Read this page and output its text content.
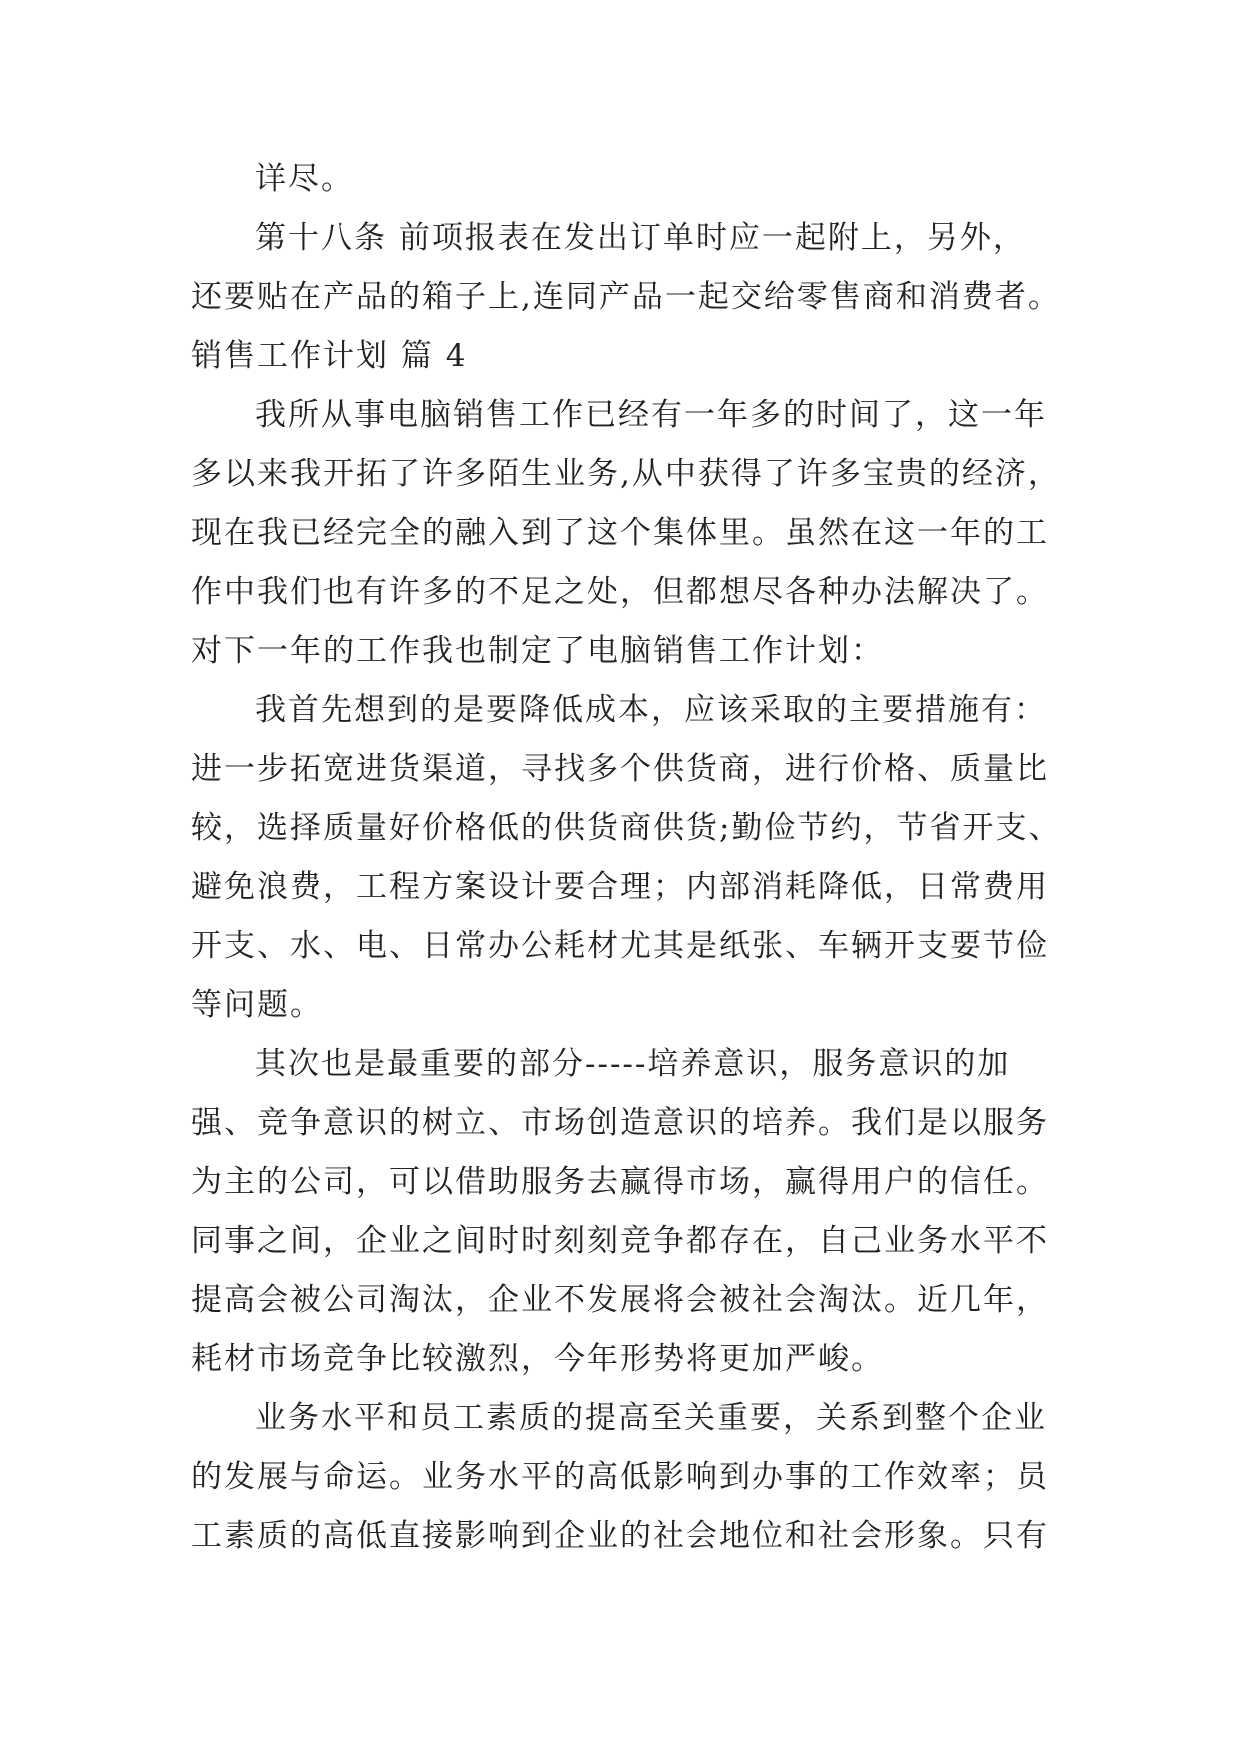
详尽。
第十八条 前项报表在发出订单时应一起附上，另外，
还要贴在产品的箱子上,连同产品一起交给零售商和消费者。
销售工作计划 篇 4
我所从事电脑销售工作已经有一年多的时间了，这一年
多以来我开拓了许多陌生业务,从中获得了许多宝贵的经济，
现在我已经完全的融入到了这个集体里。虽然在这一年的工
作中我们也有许多的不足之处，但都想尽各种办法解决了。
对下一年的工作我也制定了电脑销售工作计划：
我首先想到的是要降低成本，应该采取的主要措施有：
进一步拓宽进货渠道，寻找多个供货商，进行价格、质量比
较，选择质量好价格低的供货商供货;勤俭节约，节省开支、
避免浪费，工程方案设计要合理；内部消耗降低，日常费用
开支、水、电、日常办公耗材尤其是纸张、车辆开支要节俭
等问题。
其次也是最重要的部分-----培养意识，服务意识的加
强、竞争意识的树立、市场创造意识的培养。我们是以服务
为主的公司，可以借助服务去赢得市场，赢得用户的信任。
同事之间，企业之间时时刻刻竞争都存在，自己业务水平不
提高会被公司淘汰，企业不发展将会被社会淘汰。近几年，
耗材市场竞争比较激烈，今年形势将更加严峻。
业务水平和员工素质的提高至关重要，关系到整个企业
的发展与命运。业务水平的高低影响到办事的工作效率；员
工素质的高低直接影响到企业的社会地位和社会形象。只有
